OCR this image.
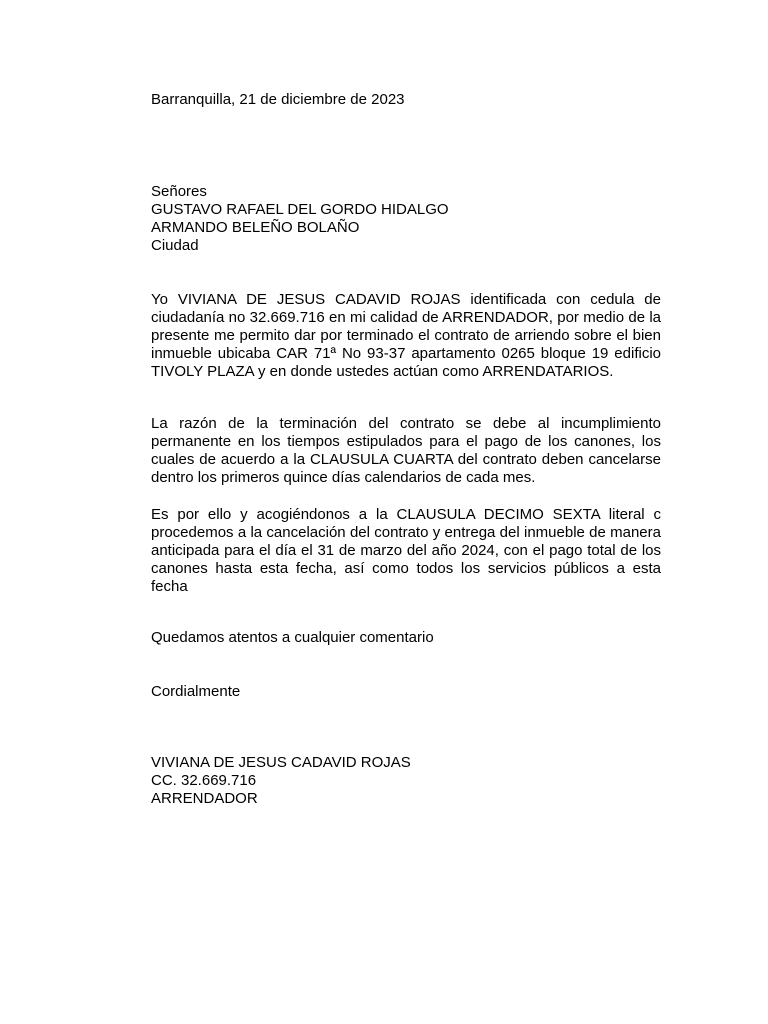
Barranquilla, 21 de diciembre de 2023
Señores
GUSTAVO RAFAEL DEL GORDO HIDALGO
ARMANDO BELEÑO BOLAÑO
Ciudad
Yo VIVIANA DE JESUS CADAVID ROJAS identificada con cedula de ciudadanía no 32.669.716 en mi calidad de ARRENDADOR, por medio de la presente me permito dar por terminado el contrato de arriendo sobre el bien inmueble ubicaba CAR 71ª No 93-37 apartamento 0265 bloque 19 edificio TIVOLY PLAZA y en donde ustedes actúan como ARRENDATARIOS.
La razón de la terminación del contrato se debe al incumplimiento permanente en los tiempos estipulados para el pago de los canones, los cuales de acuerdo a la CLAUSULA CUARTA del contrato deben cancelarse dentro los primeros quince días calendarios de cada mes.
Es por ello y acogiéndonos a la CLAUSULA DECIMO SEXTA literal c procedemos a la cancelación del contrato y entrega del inmueble de manera anticipada para el día el 31 de marzo del año 2024, con el pago total de los canones hasta esta fecha, así como todos los servicios públicos a esta fecha
Quedamos atentos a cualquier comentario
Cordialmente
VIVIANA DE JESUS CADAVID ROJAS
CC. 32.669.716
ARRENDADOR
